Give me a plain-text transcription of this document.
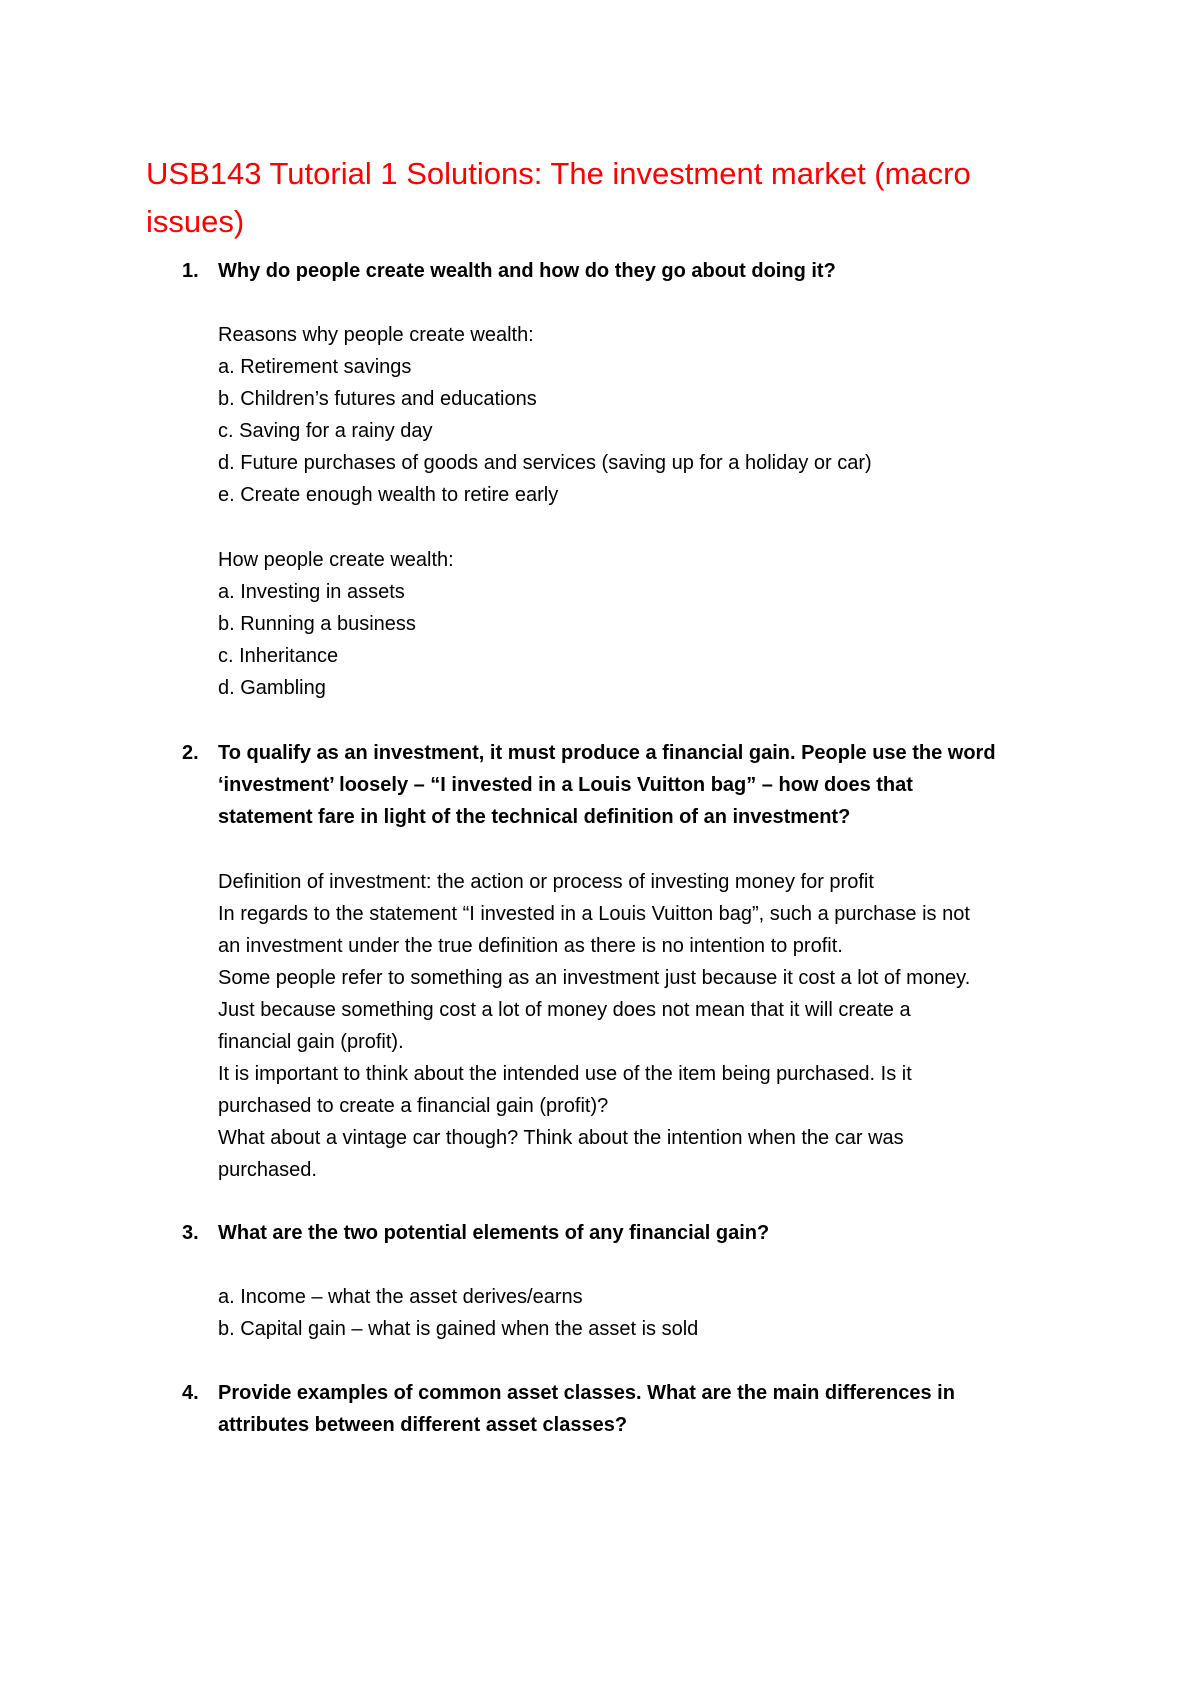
USB143 Tutorial 1 Solutions: The investment market (macro issues)
1. Why do people create wealth and how do they go about doing it?
Reasons why people create wealth:
a. Retirement savings
b. Children’s futures and educations
c. Saving for a rainy day
d. Future purchases of goods and services (saving up for a holiday or car)
e. Create enough wealth to retire early
How people create wealth:
a. Investing in assets
b. Running a business
c. Inheritance
d. Gambling
2. To qualify as an investment, it must produce a financial gain. People use the word
‘investment’ loosely – “I invested in a Louis Vuitton bag” – how does that
statement fare in light of the technical definition of an investment?
Definition of investment: the action or process of investing money for profit
In regards to the statement “I invested in a Louis Vuitton bag”, such a purchase is not
an investment under the true definition as there is no intention to profit.
Some people refer to something as an investment just because it cost a lot of money.
Just because something cost a lot of money does not mean that it will create a
financial gain (profit).
It is important to think about the intended use of the item being purchased. Is it
purchased to create a financial gain (profit)?
What about a vintage car though? Think about the intention when the car was
purchased.
3. What are the two potential elements of any financial gain?
a. Income – what the asset derives/earns
b. Capital gain – what is gained when the asset is sold
4. Provide examples of common asset classes. What are the main differences in
attributes between different asset classes?
